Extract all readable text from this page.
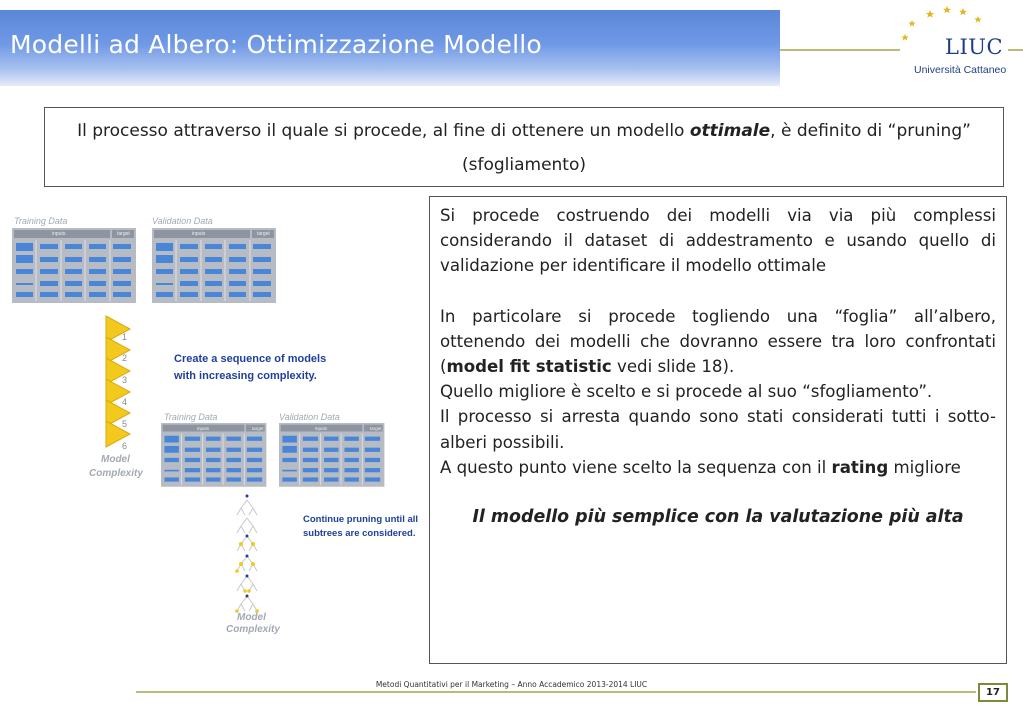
Modelli ad Albero: Ottimizzazione Modello	LIUC
Università Cattaneo
Il processo attraverso il quale si procede, al fine di ottenere un modello ottimale, è definito di “pruning” (sfogliamento)
Training Data	Validation Data
inputs	target	inputs	target
1
2
3
4
5
6
Model
Complexity
Create a sequence of models
with increasing complexity.
Training Data	Validation Data
inputs	target	inputs	target
Model
Complexity
Continue pruning until all
subtrees are considered.

Si procede costruendo dei modelli via via più complessi considerando il dataset di addestramento e usando quello di validazione per identificare il modello ottimale

In particolare si procede togliendo una “foglia” all’albero, ottenendo dei modelli che dovranno essere tra loro confrontati (model fit statistic vedi slide 18).

Quello migliore è scelto e si procede al suo “sfogliamento”.

Il processo si arresta quando sono stati considerati tutti i sotto-alberi possibili.

A questo punto viene scelto la sequenza con il rating migliore

Il modello più semplice con la valutazione più alta

Metodi Quantitativi per il Marketing – Anno Accademico 2013-2014 LIUC
17
